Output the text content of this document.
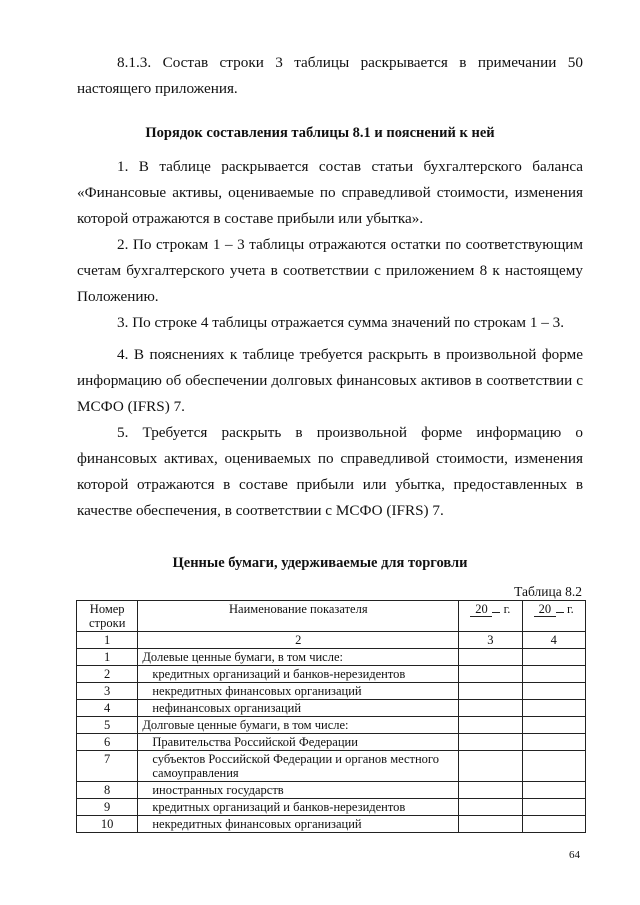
8.1.3. Состав строки 3 таблицы раскрывается в примечании 50 настоящего приложения.

Порядок составления таблицы 8.1 и пояснений к ней

1. В таблице раскрывается состав статьи бухгалтерского баланса «Финансовые активы, оцениваемые по справедливой стоимости, изменения которой отражаются в составе прибыли или убытка».

2. По строкам 1 – 3 таблицы отражаются остатки по соответствующим счетам бухгалтерского учета в соответствии с приложением 8 к настоящему Положению.

3. По строке 4 таблицы отражается сумма значений по строкам 1 – 3.

4. В пояснениях к таблице требуется раскрыть в произвольной форме информацию об обеспечении долговых финансовых активов в соответствии с МСФО (IFRS) 7.

5. Требуется раскрыть в произвольной форме информацию о финансовых активах, оцениваемых по справедливой стоимости, изменения которой отражаются в составе прибыли или убытка, предоставленных в качестве обеспечения, в соответствии с МСФО (IFRS) 7.

Ценные бумаги, удерживаемые для торговли

Таблица 8.2
Номер строки	Наименование показателя	20 г.	20 г.
1	2	3	4
1	Долевые ценные бумаги, в том числе:		
2	кредитных организаций и банков-нерезидентов		
3	некредитных финансовых организаций		
4	нефинансовых организаций		
5	Долговые ценные бумаги, в том числе:		
6	Правительства Российской Федерации		
7	субъектов Российской Федерации и органов местного самоуправления		
8	иностранных государств		
9	кредитных организаций и банков-нерезидентов		
10	некредитных финансовых организаций		
64
